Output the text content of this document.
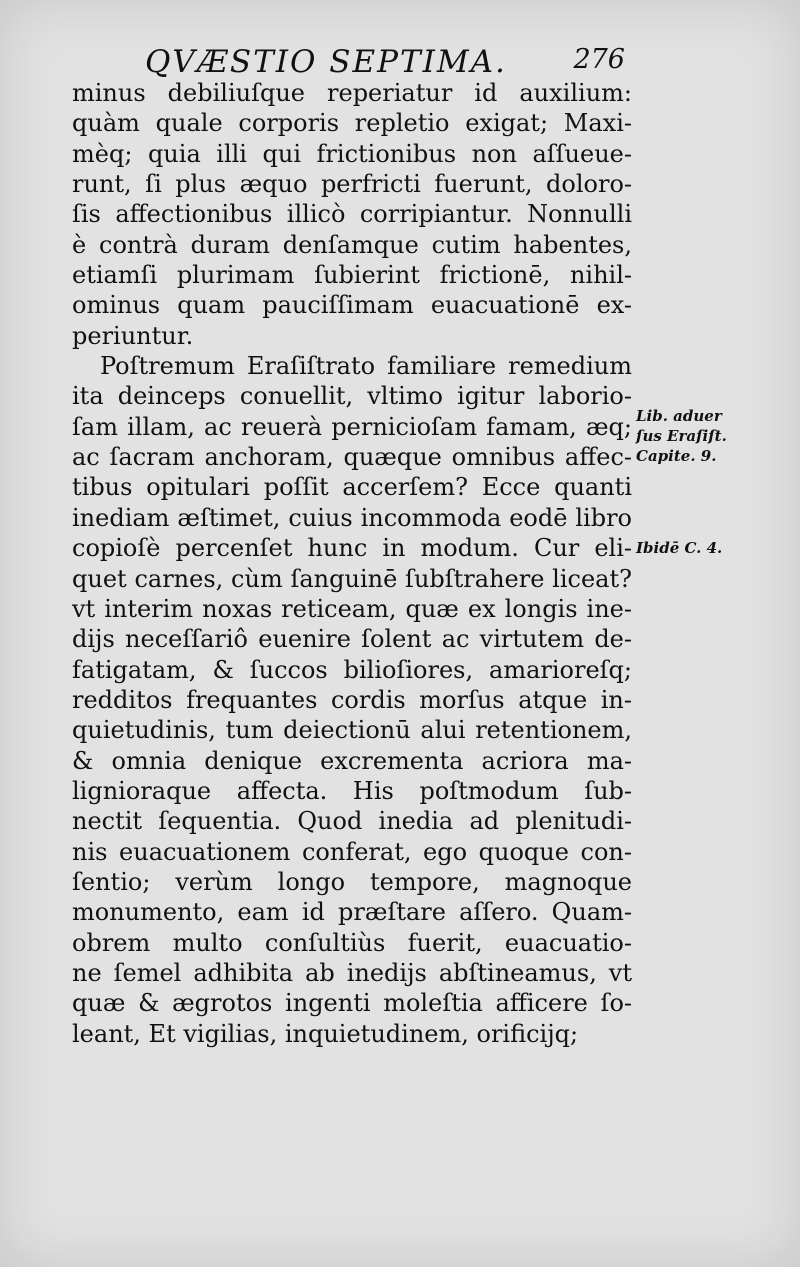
QVÆSTIO SEPTIMA. 276
minus debiliuſque reperiatur id auxilium:
quàm quale corporis repletio exigat; Maxi-
mèq; quia illi qui frictionibus non aſſueue-
runt, ſi plus æquo perfricti fuerunt, doloro-
ſis affectionibus illicò corripiantur. Nonnulli
è contrà duram denſamque cutim habentes,
etiamſi plurimam ſubierint frictionē, nihil-
ominus quam pauciſſimam euacuationē ex-
periuntur.
Poſtremum Eraſiſtrato familiare remedium
ita deinceps conuellit, vltimo igitur laborio-
ſam illam, ac reuerà pernicioſam famam, æq;
ac ſacram anchoram, quæque omnibus affec-
tibus opitulari poſſit accerſem? Ecce quanti
inediam æſtimet, cuius incommoda eodē libro
copioſè percenſet hunc in modum. Cur eli-
quet carnes, cùm ſanguinē ſubſtrahere liceat?
vt interim noxas reticeam, quæ ex longis ine-
dijs neceſſariô euenire ſolent ac virtutem de-
fatigatam, & ſuccos bilioſiores, amarioreſq;
redditos frequantes cordis morſus atque in-
quietudinis, tum deiectionū alui retentionem,
& omnia denique excrementa acriora ma-
lignioraque affecta. His poſtmodum ſub-
nectit ſequentia. Quod inedia ad plenitudi-
nis euacuationem conferat, ego quoque con-
ſentio; verùm longo tempore, magnoque
monumento, eam id præſtare aſſero. Quam-
obrem multo conſultiùs fuerit, euacuatio-
ne ſemel adhibita ab inedijs abſtineamus, vt
quæ & ægrotos ingenti moleſtia afficere ſo-
leant, Et vigilias, inquietudinem, orificijq;
Lib. aduer
ſus Eraſiſt.
Capite. 9.
Ibidē C. 4.
